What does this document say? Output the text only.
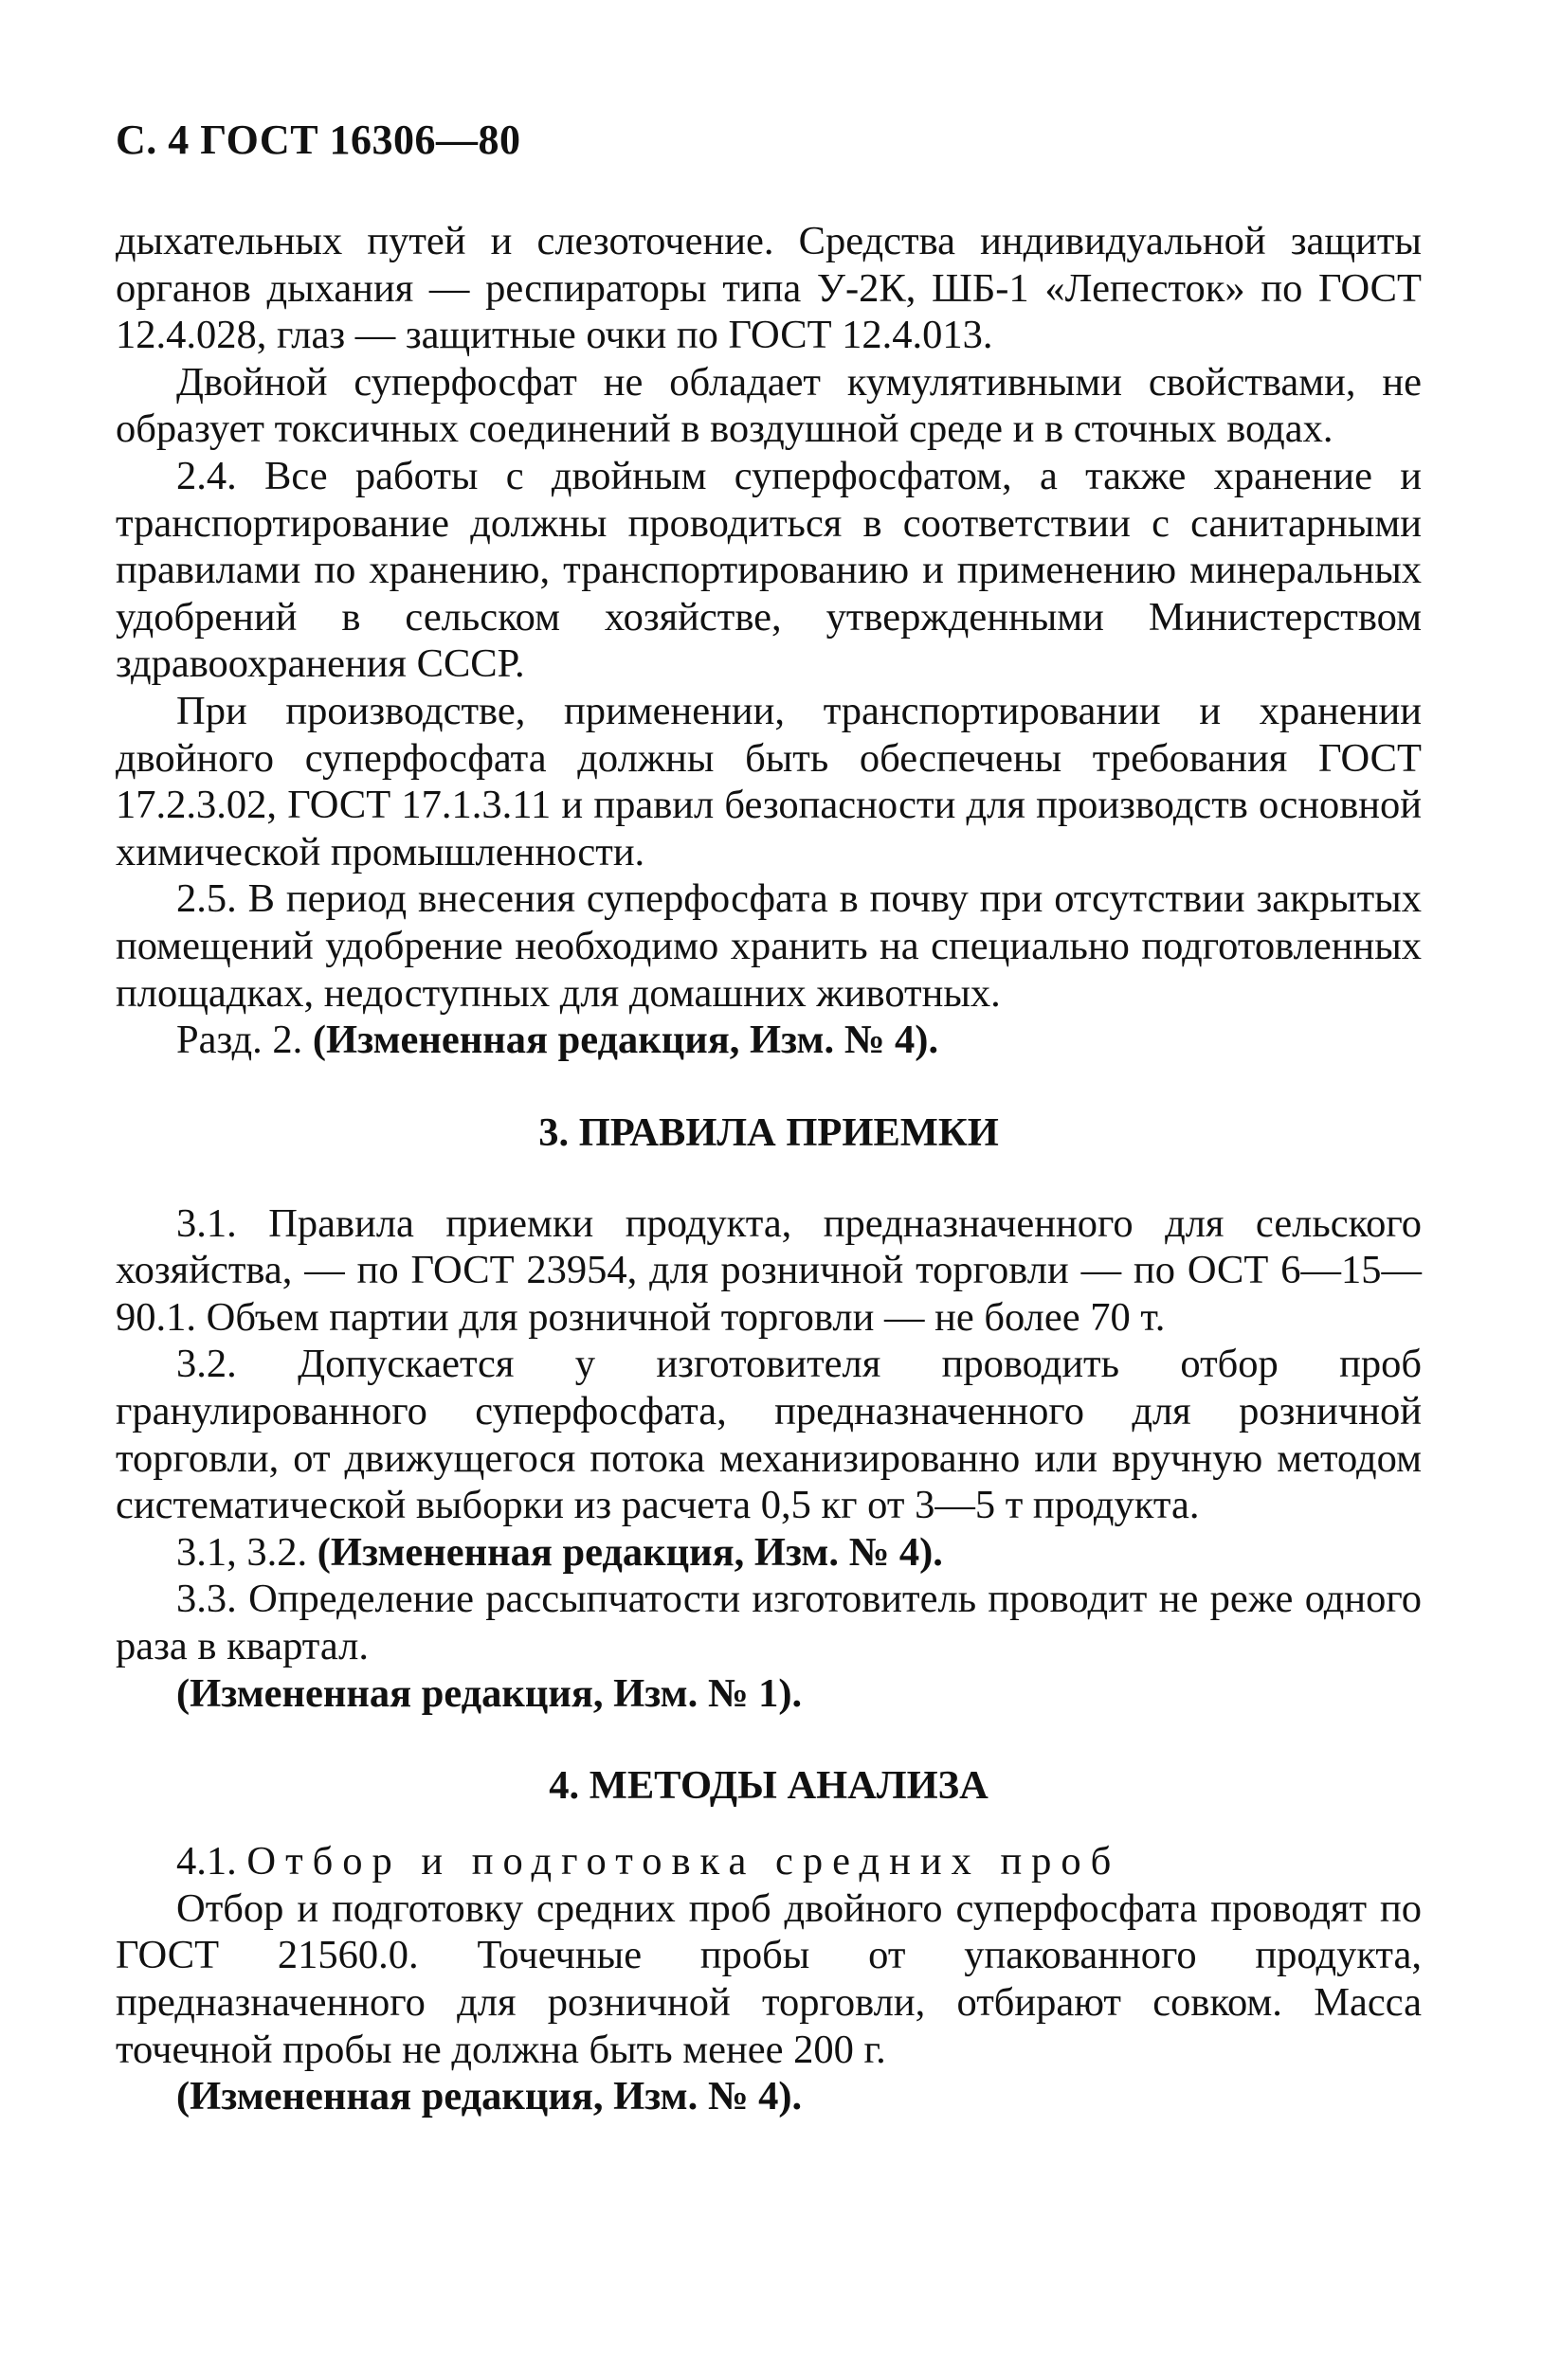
С. 4 ГОСТ 16306—80

дыхательных путей и слезоточение. Средства индивидуальной защиты органов дыхания — респираторы типа У-2К, ШБ-1 «Лепесток» по ГОСТ 12.4.028, глаз — защитные очки по ГОСТ 12.4.013.

Двойной суперфосфат не обладает кумулятивными свойствами, не образует токсичных соединений в воздушной среде и в сточных водах.

2.4. Все работы с двойным суперфосфатом, а также хранение и транспортирование должны проводиться в соответствии с санитарными правилами по хранению, транспортированию и применению минеральных удобрений в сельском хозяйстве, утвержденными Министерством здравоохранения СССР.

При производстве, применении, транспортировании и хранении двойного суперфосфата должны быть обеспечены требования ГОСТ 17.2.3.02, ГОСТ 17.1.3.11 и правил безопасности для производств основной химической промышленности.

2.5. В период внесения суперфосфата в почву при отсутствии закрытых помещений удобрение необходимо хранить на специально подготовленных площадках, недоступных для домашних животных.

Разд. 2. (Измененная редакция, Изм. № 4).

3. ПРАВИЛА ПРИЕМКИ

3.1. Правила приемки продукта, предназначенного для сельского хозяйства, — по ГОСТ 23954, для розничной торговли — по ОСТ 6—15—90.1. Объем партии для розничной торговли — не более 70 т.

3.2. Допускается у изготовителя проводить отбор проб гранулированного суперфосфата, предназначенного для розничной торговли, от движущегося потока механизированно или вручную методом систематической выборки из расчета 0,5 кг от 3—5 т продукта.

3.1, 3.2. (Измененная редакция, Изм. № 4).

3.3. Определение рассыпчатости изготовитель проводит не реже одного раза в квартал.

(Измененная редакция, Изм. № 1).

4. МЕТОДЫ АНАЛИЗА

4.1. Отбор и подготовка средних проб

Отбор и подготовку средних проб двойного суперфосфата проводят по ГОСТ 21560.0. Точечные пробы от упакованного продукта, предназначенного для розничной торговли, отбирают совком. Масса точечной пробы не должна быть менее 200 г.

(Измененная редакция, Изм. № 4).
